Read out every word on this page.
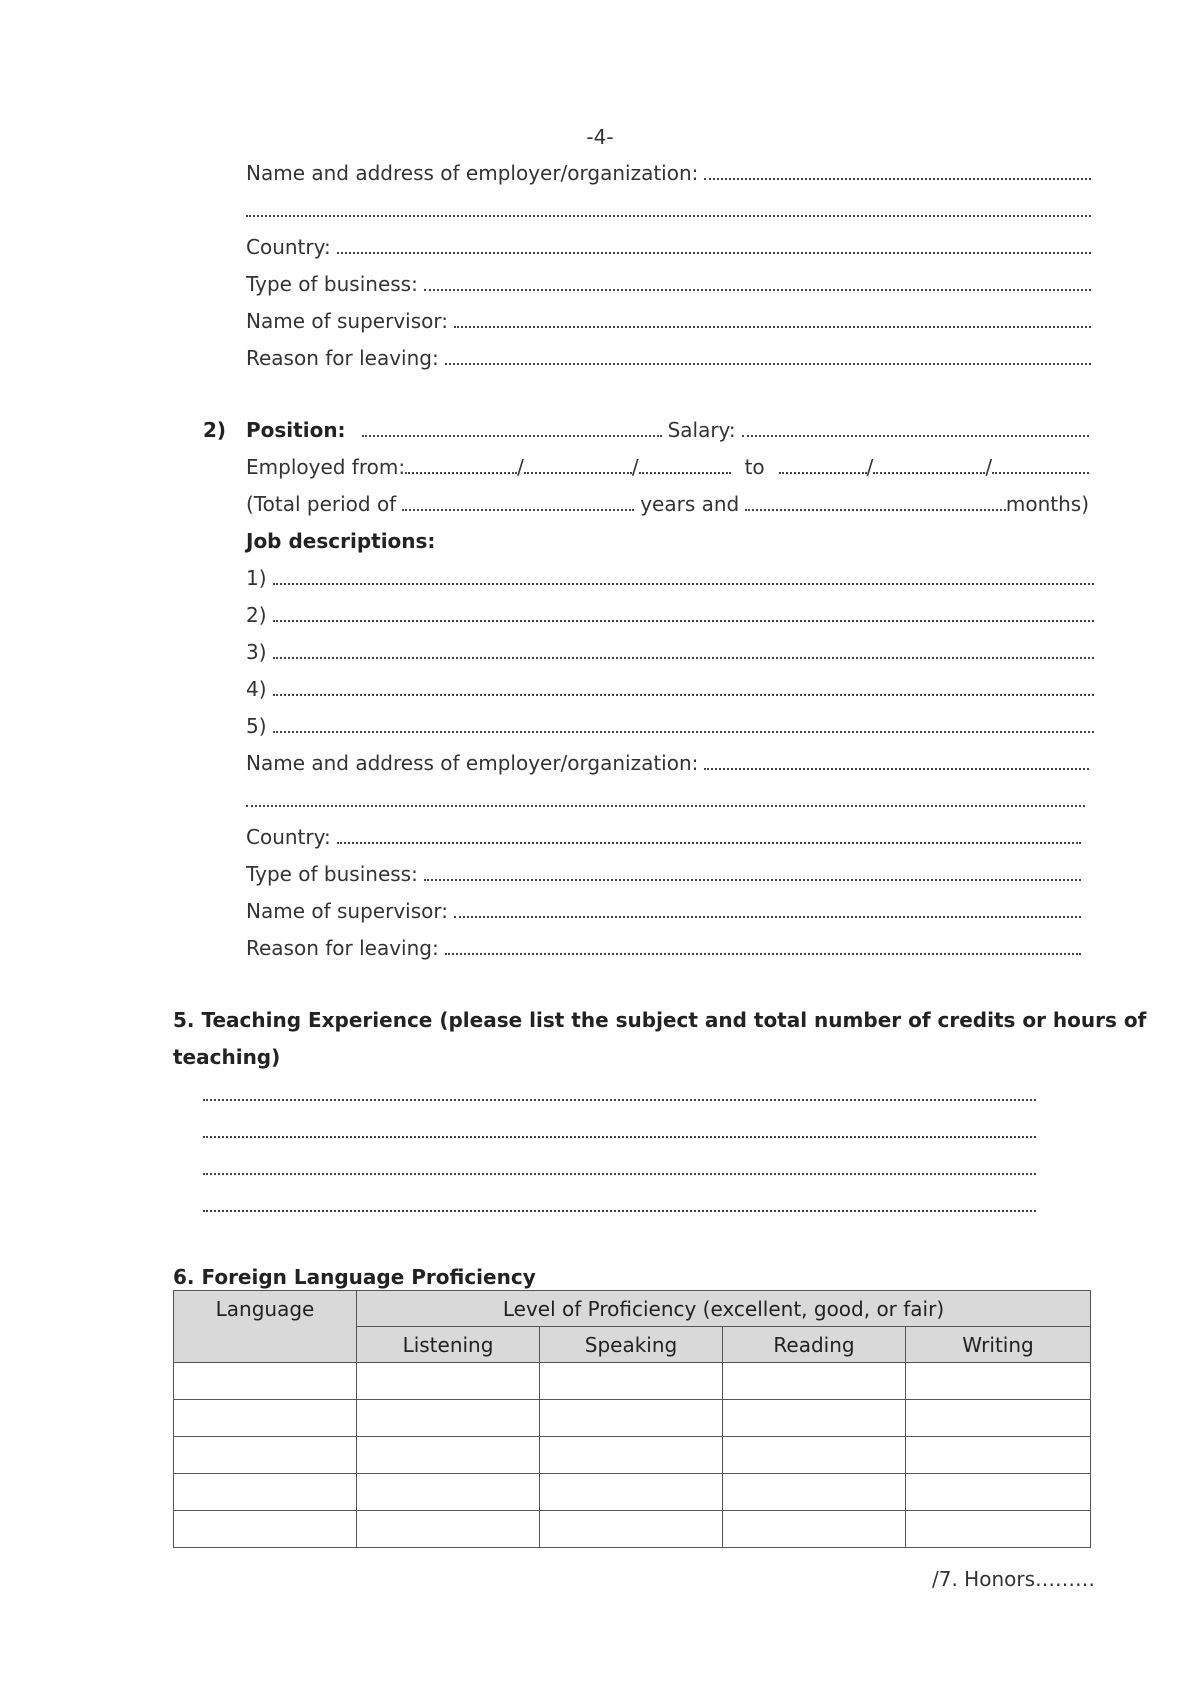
-4-
Name and address of employer/organization:
Country:
Type of business:
Name of supervisor:
Reason for leaving:
2) Position:	Salary:
Employed from:	/	/	to	/	/
(Total period of	years and	months)
Job descriptions:
1)
2)
3)
4)
5)
Name and address of employer/organization:
Country:
Type of business:
Name of supervisor:
Reason for leaving:
5. Teaching Experience (please list the subject and total number of credits or hours of
teaching)
6. Foreign Language Proficiency
Language	Level of Proficiency (excellent, good, or fair)			
	Listening	Speaking	Reading	Writing

/7. Honors………
